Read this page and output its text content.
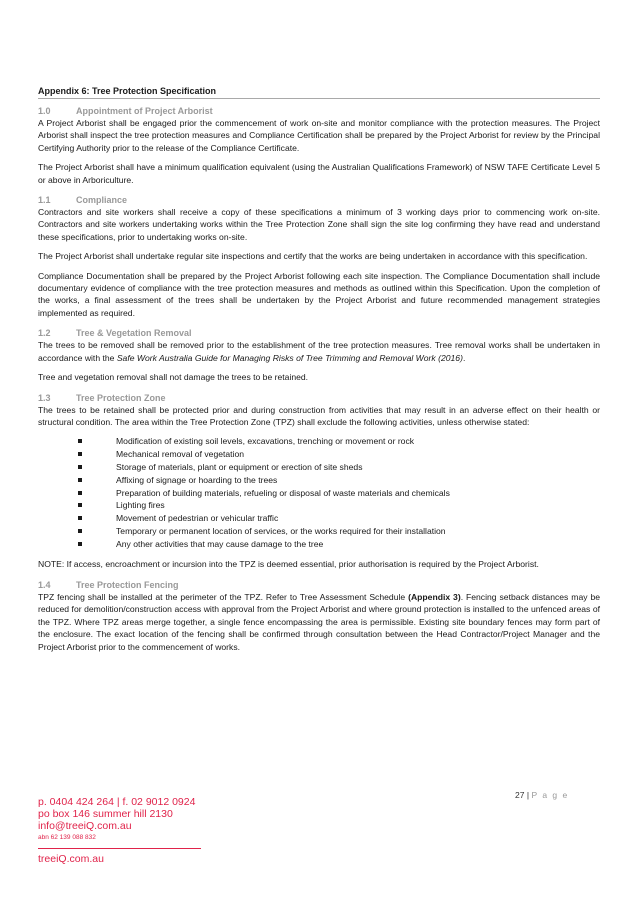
Appendix 6: Tree Protection Specification
1.0	Appointment of Project Arborist

A Project Arborist shall be engaged prior the commencement of work on-site and monitor compliance with the protection measures. The Project Arborist shall inspect the tree protection measures and Compliance Certification shall be prepared by the Project Arborist for review by the Principal Certifying Authority prior to the release of the Compliance Certificate.

The Project Arborist shall have a minimum qualification equivalent (using the Australian Qualifications Framework) of NSW TAFE Certificate Level 5 or above in Arboriculture.

1.1	Compliance

Contractors and site workers shall receive a copy of these specifications a minimum of 3 working days prior to commencing work on-site. Contractors and site workers undertaking works within the Tree Protection Zone shall sign the site log confirming they have read and understand these specifications, prior to undertaking works on-site.

The Project Arborist shall undertake regular site inspections and certify that the works are being undertaken in accordance with this specification.

Compliance Documentation shall be prepared by the Project Arborist following each site inspection. The Compliance Documentation shall include documentary evidence of compliance with the tree protection measures and methods as outlined within this Specification. Upon the completion of the works, a final assessment of the trees shall be undertaken by the Project Arborist and future recommended management strategies implemented as required.

1.2	Tree & Vegetation Removal

The trees to be removed shall be removed prior to the establishment of the tree protection measures. Tree removal works shall be undertaken in accordance with the Safe Work Australia Guide for Managing Risks of Tree Trimming and Removal Work (2016).

Tree and vegetation removal shall not damage the trees to be retained.

1.3	Tree Protection Zone

The trees to be retained shall be protected prior and during construction from activities that may result in an adverse effect on their health or structural condition. The area within the Tree Protection Zone (TPZ) shall exclude the following activities, unless otherwise stated:

Modification of existing soil levels, excavations, trenching or movement or rock
Mechanical removal of vegetation
Storage of materials, plant or equipment or erection of site sheds
Affixing of signage or hoarding to the trees
Preparation of building materials, refueling or disposal of waste materials and chemicals
Lighting fires
Movement of pedestrian or vehicular traffic
Temporary or permanent location of services, or the works required for their installation
Any other activities that may cause damage to the tree

NOTE: If access, encroachment or incursion into the TPZ is deemed essential, prior authorisation is required by the Project Arborist.

1.4	Tree Protection Fencing

TPZ fencing shall be installed at the perimeter of the TPZ. Refer to Tree Assessment Schedule (Appendix 3). Fencing setback distances may be reduced for demolition/construction access with approval from the Project Arborist and where ground protection is installed to the unfenced areas of the TPZ. Where TPZ areas merge together, a single fence encompassing the area is permissible. Existing site boundary fences may form part of the enclosure. The exact location of the fencing shall be confirmed through consultation between the Head Contractor/Project Manager and the Project Arborist prior to the commencement of works.

27 | P a g e
p. 0404 424 264 | f. 02 9012 0924
po box 146 summer hill 2130
info@treeiQ.com.au
abn 62 139 088 832
treeiQ.com.au
